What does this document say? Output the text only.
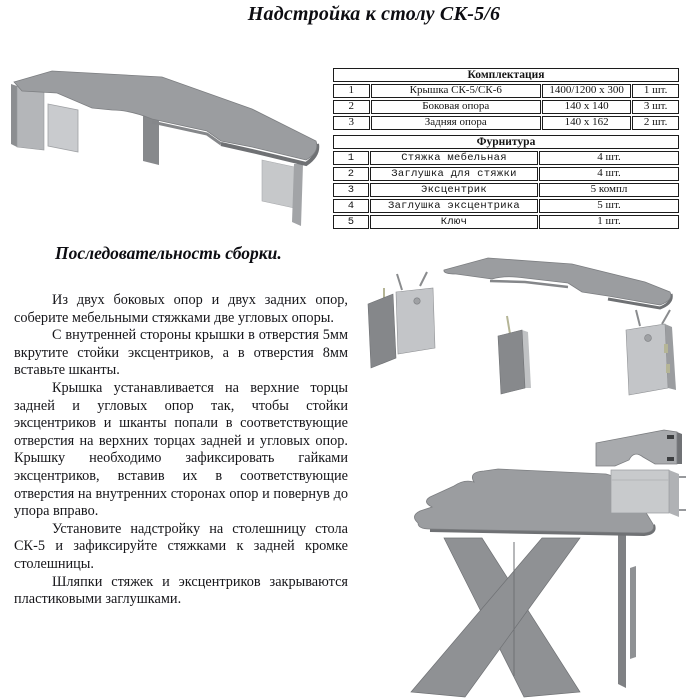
Надстройка к столу СК-5/6
Комплектация			
1	Крышка СК-5/СК-6	1400/1200 x 300	1 шт.
2	Боковая опора	140 x 140	3 шт.
3	Задняя опора	140 x 162	2 шт.
Фурнитура		
1	Стяжка мебельная	4 шт.
2	Заглушка для стяжки	4 шт.
3	Эксцентрик	5 компл
4	Заглушка эксцентрика	5 шт.
5	Ключ	1 шт.
Последовательность сборки.

Из двух боковых опор и двух задних опор, соберите мебельными стяжками две угловых опоры.

С внутренней стороны крышки в отверстия 5мм вкрутите стойки эксцентриков, а в отверстия 8мм вставьте шканты.

Крышка устанавливается на верхние торцы задней и угловых опор так, чтобы стойки эксцентриков и шканты попали в соответствующие отверстия на верхних торцах задней и угловых опор. Крышку необходимо зафиксировать гайками эксцентриков, вставив их в соответствующие отверстия на внутренних сторонах опор и повернув до упора вправо.

Установите надстройку на столешницу стола СК-5 и зафиксируйте стяжками к задней кромке столешницы.

Шляпки стяжек и эксцентриков закрываются пластиковыми заглушками.
